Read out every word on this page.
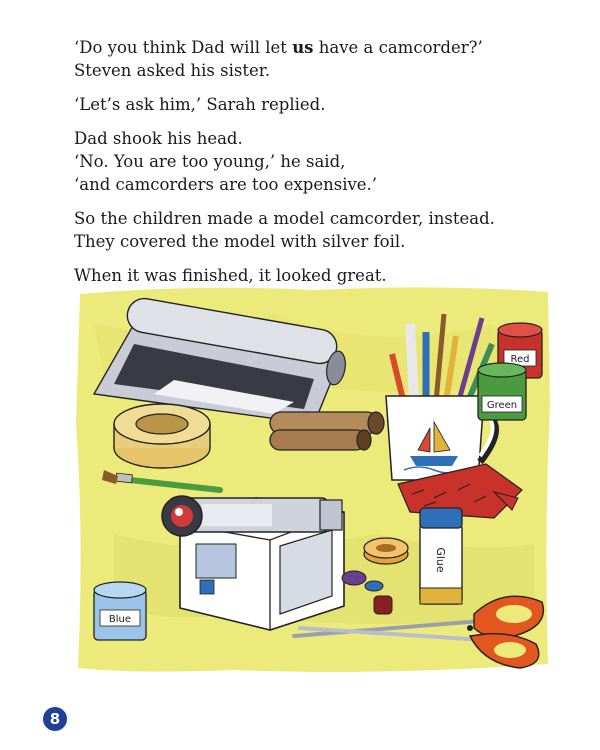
‘Do you think Dad will let us have a camcorder?’
Steven asked his sister.

‘Let’s ask him,’ Sarah replied.

Dad shook his head.
‘No. You are too young,’ he said,
‘and camcorders are too expensive.’

So the children made a model camcorder, instead.
They covered the model with silver foil.

When it was finished, it looked great.

Red
Green
Glue
Blue
8
